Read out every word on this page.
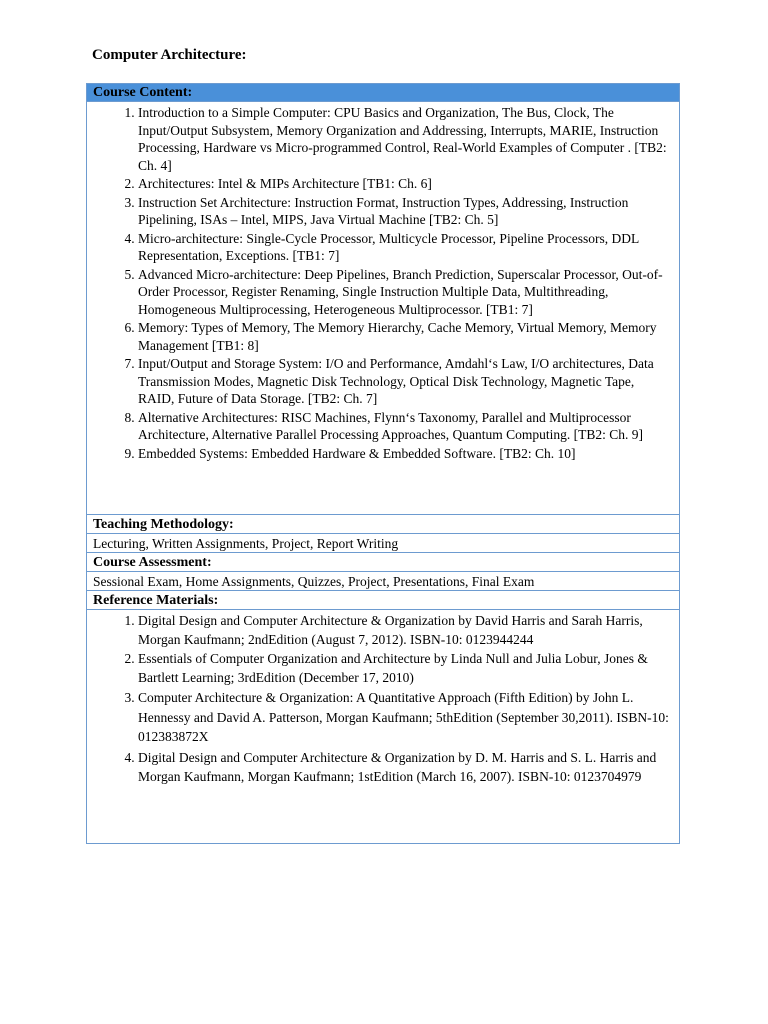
Computer Architecture:
Course Content:
1. Introduction to a Simple Computer: CPU Basics and Organization, The Bus, Clock, The Input/Output Subsystem, Memory Organization and Addressing, Interrupts, MARIE, Instruction Processing, Hardware vs Micro-programmed Control, Real-World Examples of Computer . [TB2: Ch. 4]
2. Architectures: Intel & MIPs Architecture [TB1: Ch. 6]
3. Instruction Set Architecture: Instruction Format, Instruction Types, Addressing, Instruction Pipelining, ISAs – Intel, MIPS, Java Virtual Machine [TB2: Ch. 5]
4. Micro-architecture: Single-Cycle Processor, Multicycle Processor, Pipeline Processors, DDL Representation, Exceptions. [TB1: 7]
5. Advanced Micro-architecture: Deep Pipelines, Branch Prediction, Superscalar Processor, Out-of-Order Processor, Register Renaming, Single Instruction Multiple Data, Multithreading, Homogeneous Multiprocessing, Heterogeneous Multiprocessor. [TB1: 7]
6. Memory: Types of Memory, The Memory Hierarchy, Cache Memory, Virtual Memory, Memory Management [TB1: 8]
7. Input/Output and Storage System: I/O and Performance, Amdahl‘s Law, I/O architectures, Data Transmission Modes, Magnetic Disk Technology, Optical Disk Technology, Magnetic Tape, RAID, Future of Data Storage. [TB2: Ch. 7]
8. Alternative Architectures: RISC Machines, Flynn‘s Taxonomy, Parallel and Multiprocessor Architecture, Alternative Parallel Processing Approaches, Quantum Computing. [TB2: Ch. 9]
9. Embedded Systems: Embedded Hardware & Embedded Software. [TB2: Ch. 10]
Teaching Methodology:
Lecturing, Written Assignments, Project, Report Writing
Course Assessment:
Sessional Exam, Home Assignments, Quizzes, Project, Presentations, Final Exam
Reference Materials:
1. Digital Design and Computer Architecture & Organization by David Harris and Sarah Harris, Morgan Kaufmann; 2ndEdition (August 7, 2012). ISBN-10: 0123944244
2. Essentials of Computer Organization and Architecture by Linda Null and Julia Lobur, Jones & Bartlett Learning; 3rdEdition (December 17, 2010)
3. Computer Architecture & Organization: A Quantitative Approach (Fifth Edition) by John L. Hennessy and David A. Patterson, Morgan Kaufmann; 5thEdition (September 30,2011). ISBN-10: 012383872X
4. Digital Design and Computer Architecture & Organization by D. M. Harris and S. L. Harris and Morgan Kaufmann, Morgan Kaufmann; 1stEdition (March 16, 2007). ISBN-10: 0123704979
